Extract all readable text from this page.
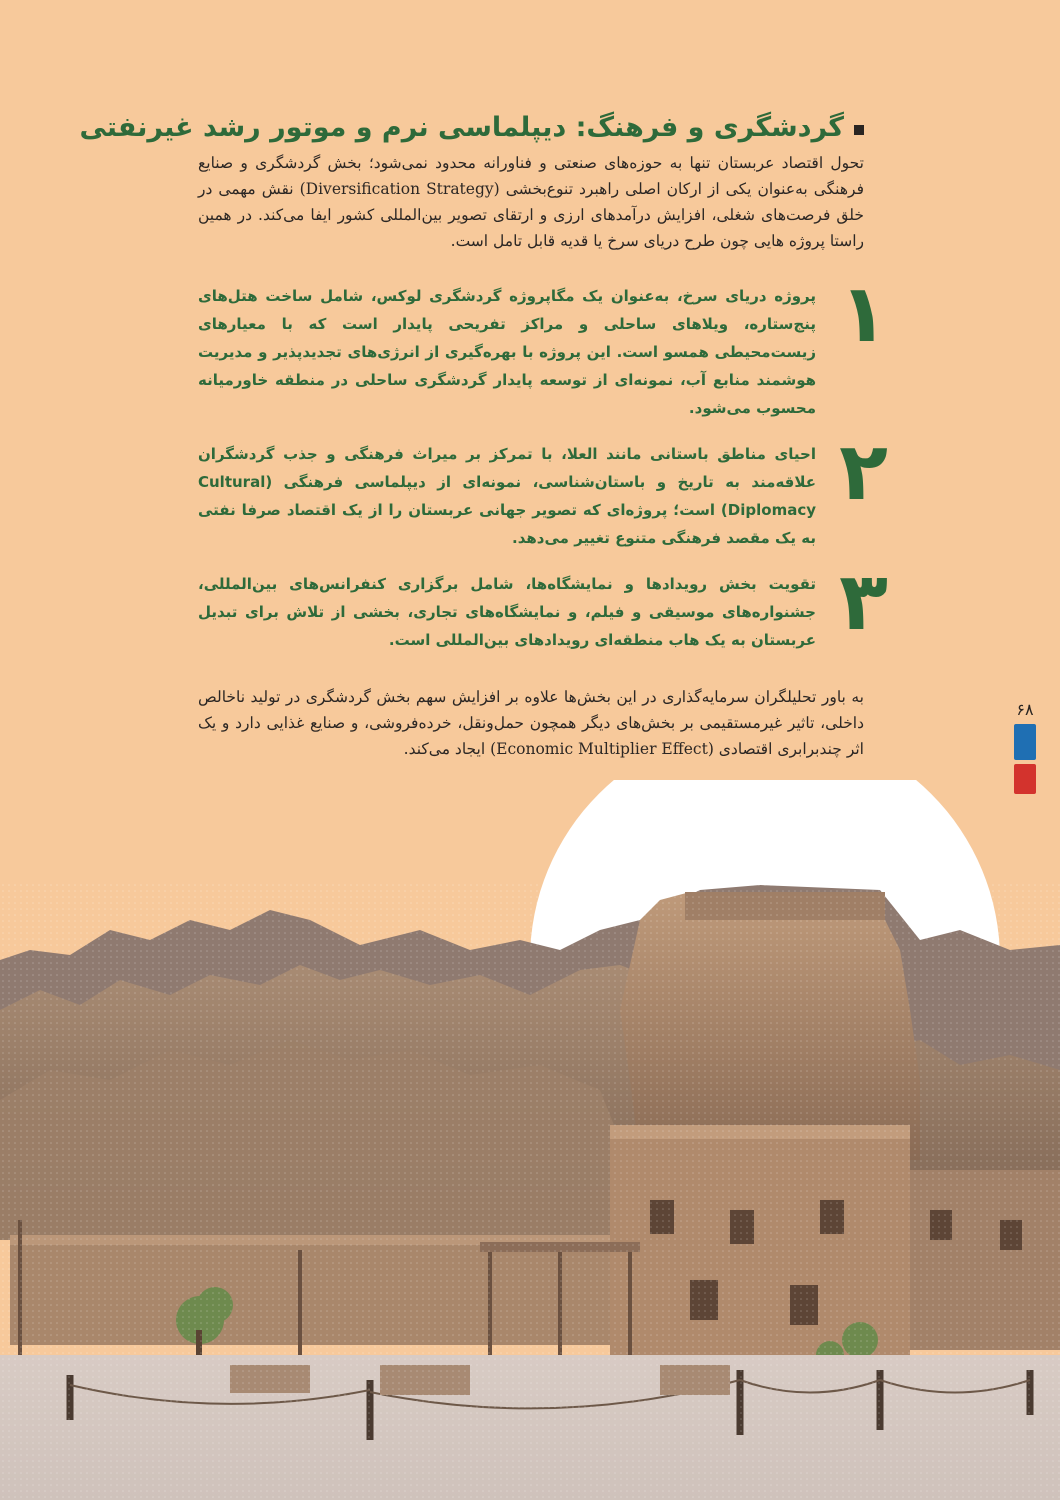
گردشگری و فرهنگ: دیپلماسی نرم و موتور رشد غیرنفتی

تحول اقتصاد عربستان تنها به حوزه‌های صنعتی و فناورانه محدود نمی‌شود؛ بخش گردشگری و صنایع فرهنگی به‌عنوان یکی از ارکان اصلی راهبرد تنوع‌بخشی (Diversification Strategy) نقش مهمی در خلق فرصت‌های شغلی، افزایش درآمدهای ارزی و ارتقای تصویر بین‌المللی کشور ایفا می‌کند. در همین راستا پروژه هایی چون طرح دریای سرخ یا قدیه قابل تامل است.

۱

پروژه دریای سرخ، به‌عنوان یک مگاپروژه گردشگری لوکس، شامل ساخت هتل‌های پنج‌ستاره، ویلاهای ساحلی و مراکز تفریحی پایدار است که با معیارهای زیست‌محیطی همسو است. این پروژه با بهره‌گیری از انرژی‌های تجدیدپذیر و مدیریت هوشمند منابع آب، نمونه‌ای از توسعه پایدار گردشگری ساحلی در منطقه خاورمیانه محسوب می‌شود.

۲

احیای مناطق باستانی مانند العلا، با تمرکز بر میراث فرهنگی و جذب گردشگران علاقه‌مند به تاریخ و باستان‌شناسی، نمونه‌ای از دیپلماسی فرهنگی (Cultural Diplomacy) است؛ پروژه‌ای که تصویر جهانی عربستان را از یک اقتصاد صرفا نفتی به یک مقصد فرهنگی متنوع تغییر می‌دهد.

۳

تقویت بخش رویدادها و نمایشگاه‌ها، شامل برگزاری کنفرانس‌های بین‌المللی، جشنواره‌های موسیقی و فیلم، و نمایشگاه‌های تجاری، بخشی از تلاش برای تبدیل عربستان به یک هاب منطقه‌ای رویدادهای بین‌المللی است.

به باور تحلیلگران سرمایه‌گذاری در این بخش‌ها علاوه بر افزایش سهم بخش گردشگری در تولید ناخالص داخلی، تاثیر غیرمستقیمی بر بخش‌های دیگر همچون حمل‌ونقل، خرده‌فروشی، و صنایع غذایی دارد و یک اثر چندبرابری اقتصادی (Economic Multiplier Effect) ایجاد می‌کند.

۶۸
